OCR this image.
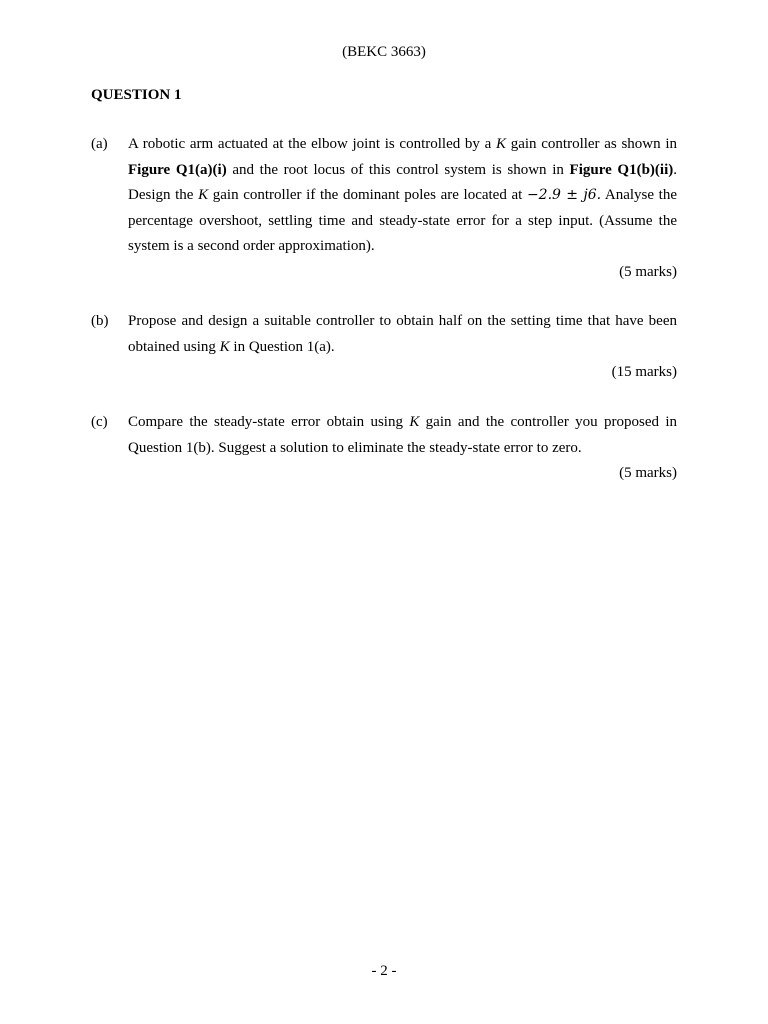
(BEKC 3663)
QUESTION 1
(a) A robotic arm actuated at the elbow joint is controlled by a K gain controller as shown in Figure Q1(a)(i) and the root locus of this control system is shown in Figure Q1(b)(ii). Design the K gain controller if the dominant poles are located at −2.9 ± j6. Analyse the percentage overshoot, settling time and steady-state error for a step input. (Assume the system is a second order approximation).
(5 marks)
(b) Propose and design a suitable controller to obtain half on the setting time that have been obtained using K in Question 1(a).
(15 marks)
(c) Compare the steady-state error obtain using K gain and the controller you proposed in Question 1(b). Suggest a solution to eliminate the steady-state error to zero.
(5 marks)
- 2 -
